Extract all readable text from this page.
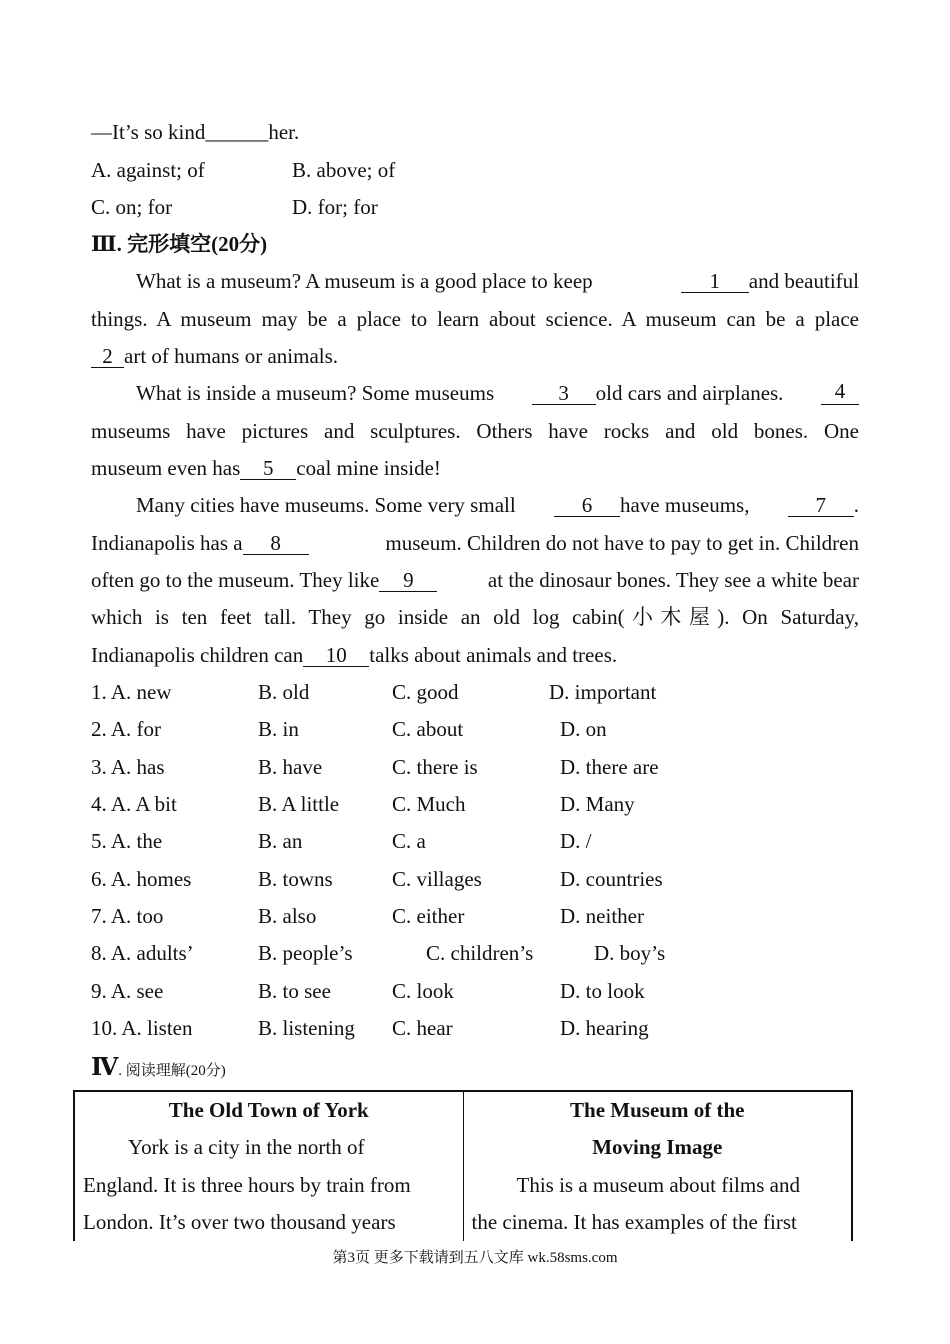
—It’s so kind______her.
A. against; of	B. above; of
C. on; for	D. for; for
Ⅲ. 完形填空(20分)
What is a museum? A museum is a good place to keep	1 and beautiful
things. A museum may be a place to learn about science. A museum can be a place
2 art of humans or animals.
What is inside a museum? Some museums	3 old cars and airplanes.	4
museums have pictures and sculptures. Others have rocks and old bones. One
museum even has 5 coal mine inside!
Many cities have museums. Some very small	6 have museums,	7 .
Indianapolis has a 8	museum. Children do not have to pay to get in. Children
often go to the museum. They like 9	at the dinosaur bones. They see a white bear
which is ten feet tall. They go inside an old log cabin(小木屋). On Saturday,
Indianapolis children can 10 talks about animals and trees.
1. A. new	B. old	C. good	D. important
2. A. for	B. in	C. about	D. on
3. A. has	B. have	C. there is	D. there are
4. A. A bit	B. A little	C. Much	D. Many
5. A. the	B. an	C. a	D. /
6. A. homes	B. towns	C. villages	D. countries
7. A. too	B. also	C. either	D. neither
8. A. adults’	B. people’s	C. children’s	D. boy’s
9. A. see	B. to see	C. look	D. to look
10. A. listen	B. listening C. hear	D. hearing
Ⅳ. 阅读理解(20分)
The Old Town of York
York is a city in the north of
England. It is three hours by train from
London. It’s over two thousand years

The Museum of the
Moving Image
This is a museum about films and
the cinema. It has examples of the first
第3页 更多下载请到五八文库 wk.58sms.com
